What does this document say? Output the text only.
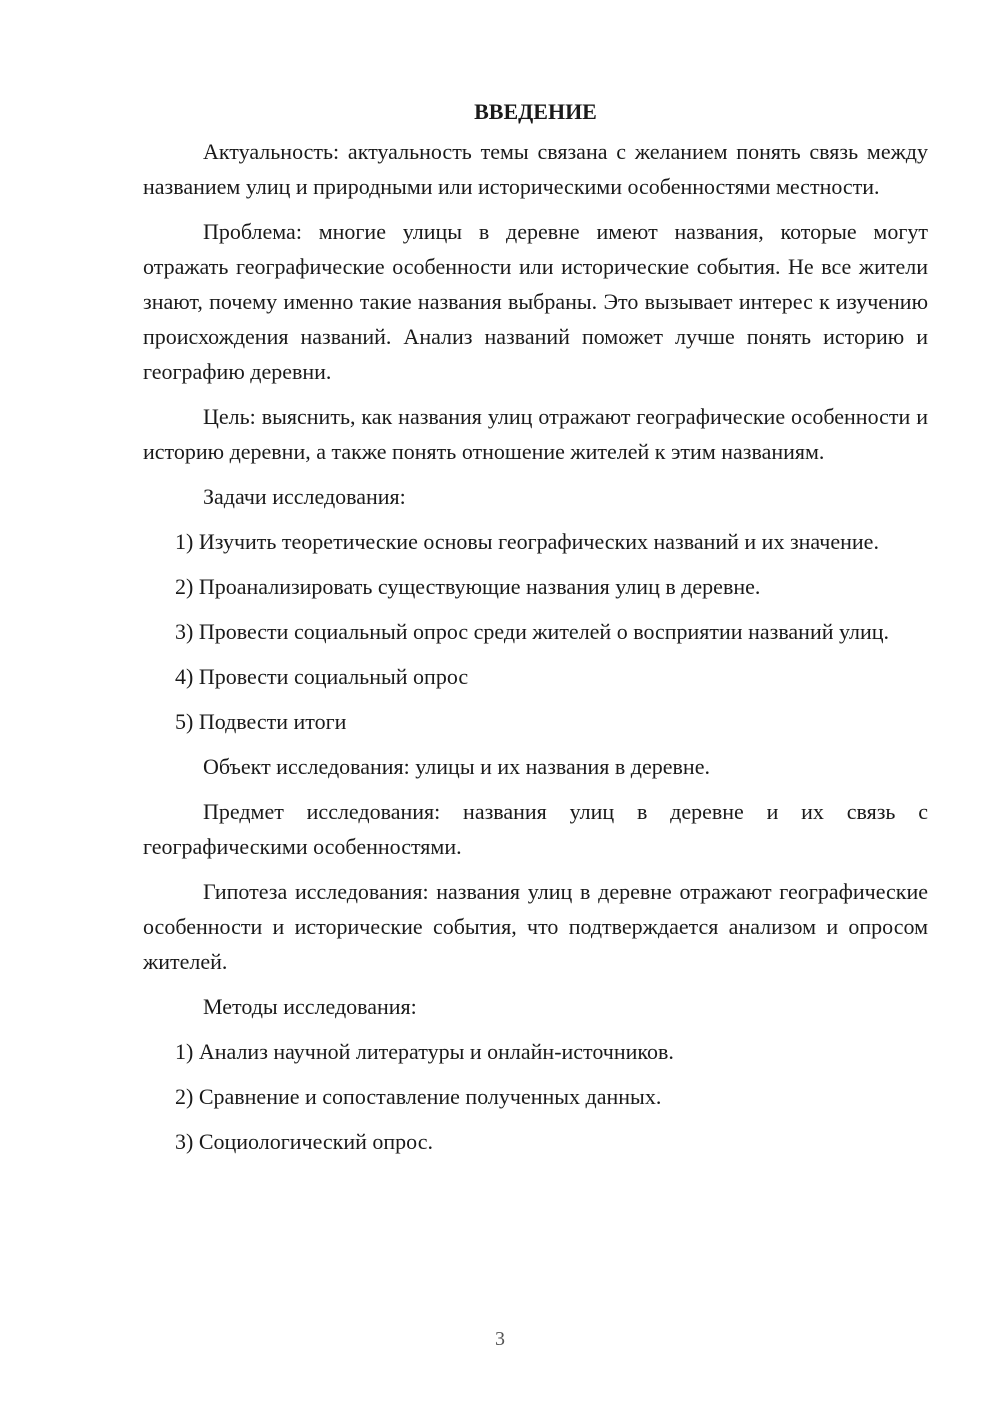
ВВЕДЕНИЕ

Актуальность: актуальность темы связана с желанием понять связь между названием улиц и природными или историческими особенностями местности.

Проблема: многие улицы в деревне имеют названия, которые могут отражать географические особенности или исторические события. Не все жители знают, почему именно такие названия выбраны. Это вызывает интерес к изучению происхождения названий. Анализ названий поможет лучше понять историю и географию деревни.

Цель: выяснить, как названия улиц отражают географические особенности и историю деревни, а также понять отношение жителей к этим названиям.

Задачи исследования:

1) Изучить теоретические основы географических названий и их значение.

2) Проанализировать существующие названия улиц в деревне.

3) Провести социальный опрос среди жителей о восприятии названий улиц.

4) Провести социальный опрос

5) Подвести итоги

Объект исследования: улицы и их названия в деревне.

Предмет исследования: названия улиц в деревне и их связь с географическими особенностями.

Гипотеза исследования: названия улиц в деревне отражают географические особенности и исторические события, что подтверждается анализом и опросом жителей.

Методы исследования:

1) Анализ научной литературы и онлайн-источников.

2) Сравнение и сопоставление полученных данных.

3) Социологический опрос.

3
